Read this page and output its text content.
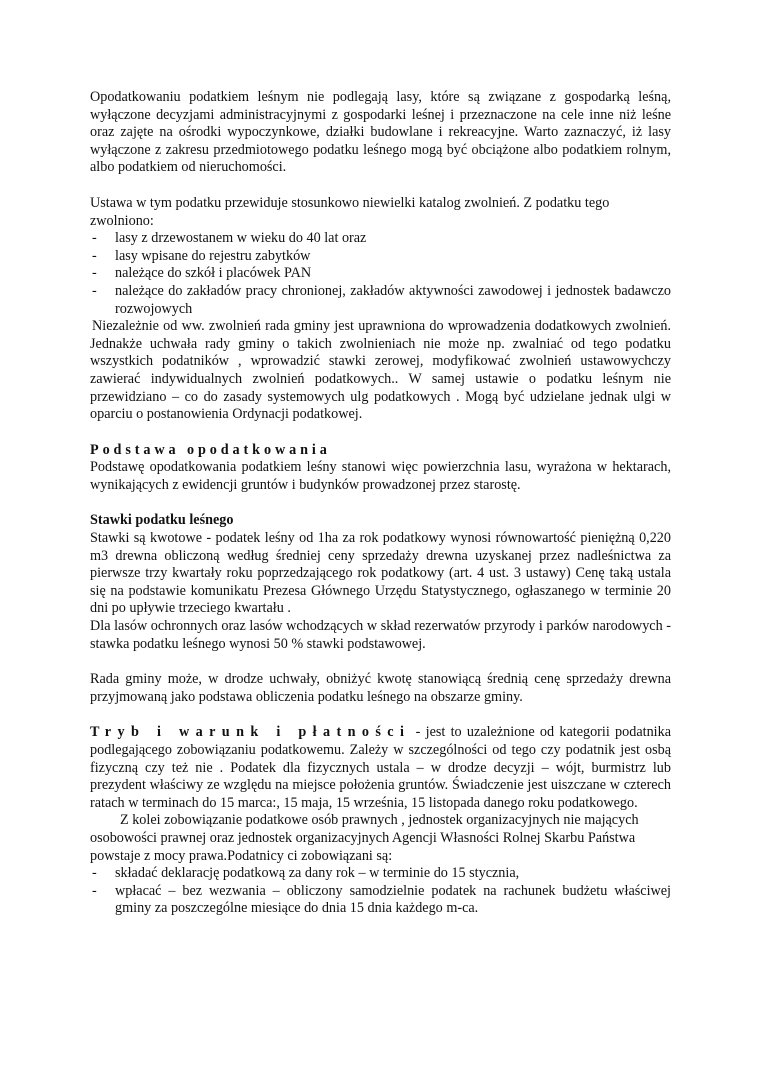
Opodatkowaniu podatkiem leśnym nie podlegają lasy, które są związane z gospodarką leśną, wyłączone decyzjami administracyjnymi z gospodarki leśnej i przeznaczone na cele inne niż leśne oraz zajęte na ośrodki wypoczynkowe, działki budowlane i rekreacyjne. Warto zaznaczyć, iż lasy wyłączone z zakresu przedmiotowego podatku leśnego mogą być obciążone albo podatkiem rolnym, albo podatkiem od nieruchomości.

Ustawa w tym podatku przewiduje stosunkowo niewielki katalog zwolnień. Z podatku tego zwolniono:

- lasy z drzewostanem w wieku do 40 lat oraz
- lasy wpisane do rejestru zabytków
- należące do szkół i placówek PAN
- należące do zakładów pracy chronionej, zakładów aktywności zawodowej i jednostek badawczo rozwojowych

Niezależnie od ww. zwolnień rada gminy jest uprawniona do wprowadzenia dodatkowych zwolnień. Jednakże uchwała rady gminy o takich zwolnieniach nie może np. zwalniać od tego podatku wszystkich podatników , wprowadzić stawki zerowej, modyfikować zwolnień ustawowychczy zawierać indywidualnych zwolnień podatkowych.. W samej ustawie o podatku leśnym nie przewidziano – co do zasady systemowych ulg podatkowych . Mogą być udzielane jednak ulgi w oparciu o postanowienia Ordynacji podatkowej.

Podstawa opodatkowania

Podstawę opodatkowania podatkiem leśny stanowi więc powierzchnia lasu, wyrażona w hektarach, wynikających z ewidencji gruntów i budynków prowadzonej przez starostę.

Stawki podatku leśnego

Stawki są kwotowe - podatek leśny od 1ha za rok podatkowy wynosi równowartość pieniężną 0,220 m3 drewna obliczoną według średniej ceny sprzedaży drewna uzyskanej przez nadleśnictwa za pierwsze trzy kwartały roku poprzedzającego rok podatkowy (art. 4 ust. 3 ustawy) Cenę taką ustala się na podstawie komunikatu Prezesa Głównego Urzędu Statystycznego, ogłaszanego w terminie 20 dni po upływie trzeciego kwartału .

Dla lasów ochronnych oraz lasów wchodzących w skład rezerwatów przyrody i parków narodowych - stawka podatku leśnego wynosi 50 % stawki podstawowej.

Rada gminy może, w drodze uchwały, obniżyć kwotę stanowiącą średnią cenę sprzedaży drewna przyjmowaną jako podstawa obliczenia podatku leśnego na obszarze gminy.

Tryb i warunk i płatności - jest to uzależnione od kategorii podatnika podlegającego zobowiązaniu podatkowemu. Zależy w szczególności od tego czy podatnik jest osbą fizyczną czy też nie . Podatek dla fizycznych ustala – w drodze decyzji – wójt, burmistrz lub prezydent właściwy ze względu na miejsce położenia gruntów. Świadczenie jest uiszczane w czterech ratach w terminach do 15 marca:, 15 maja, 15 września, 15 listopada danego roku podatkowego.

Z kolei zobowiązanie podatkowe osób prawnych , jednostek organizacyjnych nie mających osobowości prawnej oraz jednostek organizacyjnych Agencji Własności Rolnej Skarbu Państwa powstaje z mocy prawa.Podatnicy ci zobowiązani są:

- składać deklarację podatkową za dany rok – w terminie do 15 stycznia,
- wpłacać – bez wezwania – obliczony samodzielnie podatek na rachunek budżetu właściwej gminy za poszczególne miesiące do dnia 15 dnia każdego m-ca.
